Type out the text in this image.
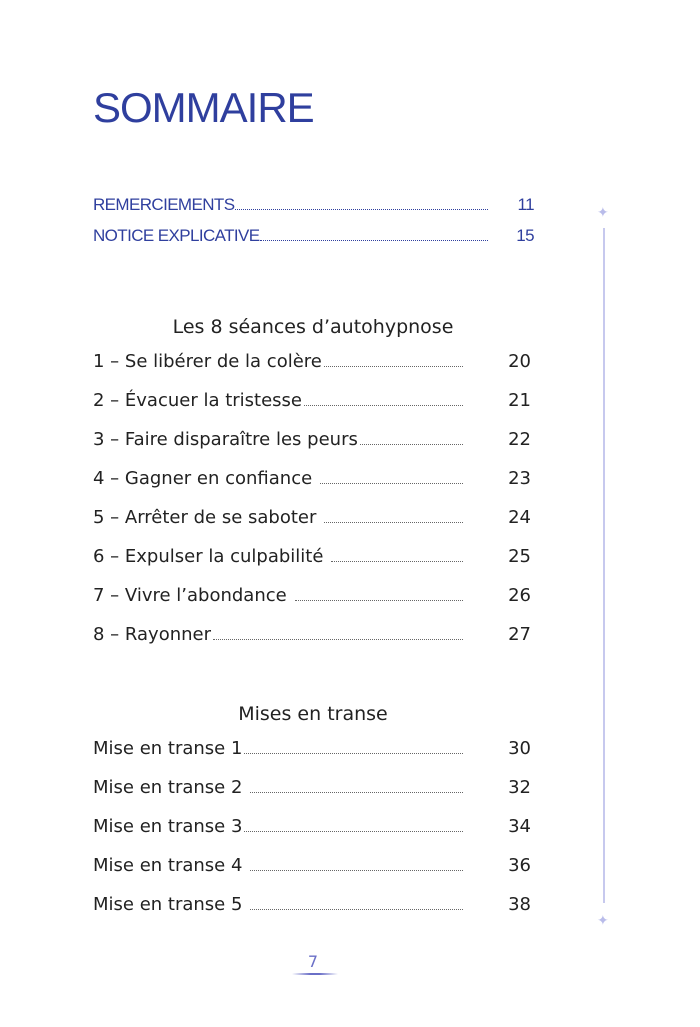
SOMMAIRE
REMERCIEMENTS	11
NOTICE EXPLICATIVE	15
Les 8 séances d’autohypnose
1 – Se libérer de la colère	20
2 – Évacuer la tristesse	21
3 – Faire disparaître les peurs	22
4 – Gagner en confiance	23
5 – Arrêter de se saboter	24
6 – Expulser la culpabilité	25
7 – Vivre l’abondance	26
8 – Rayonner	27
Mises en transe
Mise en transe 1	30
Mise en transe 2	32
Mise en transe 3	34
Mise en transe 4	36
Mise en transe 5	38
✦
✦
7
